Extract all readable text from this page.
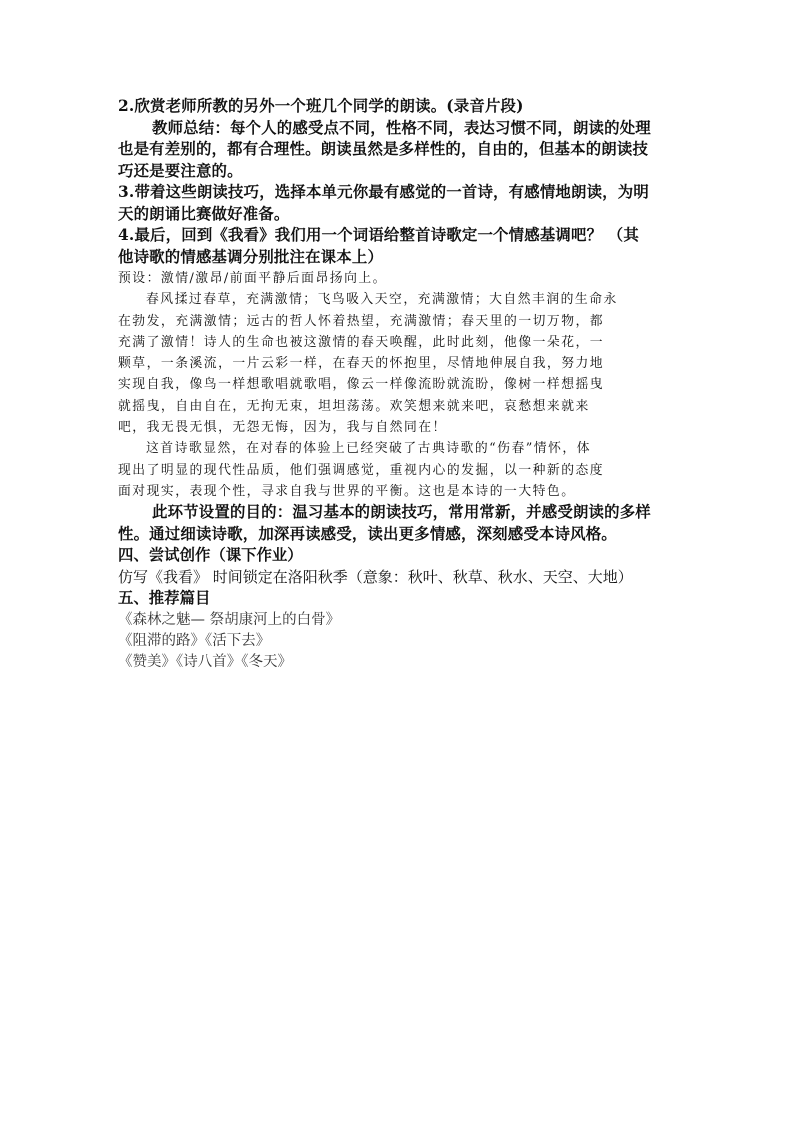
2.欣赏老师所教的另外一个班几个同学的朗读。(录音片段)

教师总结：每个人的感受点不同，性格不同，表达习惯不同，朗读的处理

也是有差别的，都有合理性。朗读虽然是多样性的，自由的，但基本的朗读技

巧还是要注意的。

3.带着这些朗读技巧，选择本单元你最有感觉的一首诗，有感情地朗读，为明

天的朗诵比赛做好准备。

4.最后，回到《我看》我们用一个词语给整首诗歌定一个情感基调吧？ （其

他诗歌的情感基调分别批注在课本上）

预设：激情/激昂/前面平静后面昂扬向上。

春风揉过春草，充满激情；飞鸟吸入天空，充满激情；大自然丰润的生命永

在勃发，充满激情；远古的哲人怀着热望，充满激情；春天里的一切万物，都

充满了激情！诗人的生命也被这激情的春天唤醒，此时此刻，他像一朵花，一

颗草，一条溪流，一片云彩一样，在春天的怀抱里，尽情地伸展自我，努力地

实现自我，像鸟一样想歌唱就歌唱，像云一样像流盼就流盼，像树一样想摇曳

就摇曳，自由自在，无拘无束，坦坦荡荡。欢笑想来就来吧，哀愁想来就来

吧，我无畏无惧，无怨无悔，因为，我与自然同在！

这首诗歌显然，在对春的体验上已经突破了古典诗歌的“伤春”情怀，体

现出了明显的现代性品质，他们强调感觉，重视内心的发掘，以一种新的态度

面对现实，表现个性，寻求自我与世界的平衡。这也是本诗的一大特色。

此环节设置的目的：温习基本的朗读技巧，常用常新，并感受朗读的多样

性。通过细读诗歌，加深再读感受，读出更多情感，深刻感受本诗风格。

四、尝试创作（课下作业）

仿写《我看》 时间锁定在洛阳秋季（意象：秋叶、秋草、秋水、天空、大地）

五、推荐篇目

《森林之魅— 祭胡康河上的白骨》

《阻滞的路》《活下去》

《赞美》《诗八首》《冬天》
